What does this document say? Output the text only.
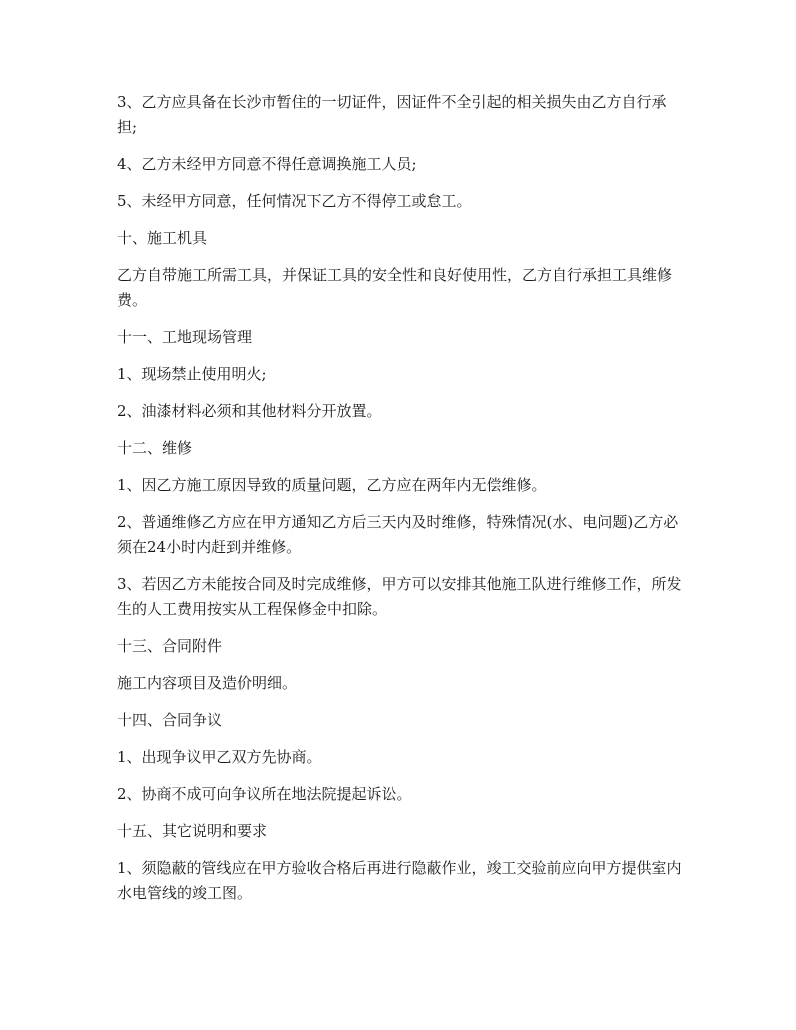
3、乙方应具备在长沙市暂住的一切证件，因证件不全引起的相关损失由乙方自行承担;

4、乙方未经甲方同意不得任意调换施工人员;

5、未经甲方同意，任何情况下乙方不得停工或怠工。

十、施工机具

乙方自带施工所需工具，并保证工具的安全性和良好使用性，乙方自行承担工具维修费。

十一、工地现场管理

1、现场禁止使用明火;

2、油漆材料必须和其他材料分开放置。

十二、维修

1、因乙方施工原因导致的质量问题，乙方应在两年内无偿维修。

2、普通维修乙方应在甲方通知乙方后三天内及时维修，特殊情况(水、电问题)乙方必须在24小时内赶到并维修。

3、若因乙方未能按合同及时完成维修，甲方可以安排其他施工队进行维修工作，所发生的人工费用按实从工程保修金中扣除。

十三、合同附件

施工内容项目及造价明细。

十四、合同争议

1、出现争议甲乙双方先协商。

2、协商不成可向争议所在地法院提起诉讼。

十五、其它说明和要求

1、须隐蔽的管线应在甲方验收合格后再进行隐蔽作业，竣工交验前应向甲方提供室内水电管线的竣工图。
